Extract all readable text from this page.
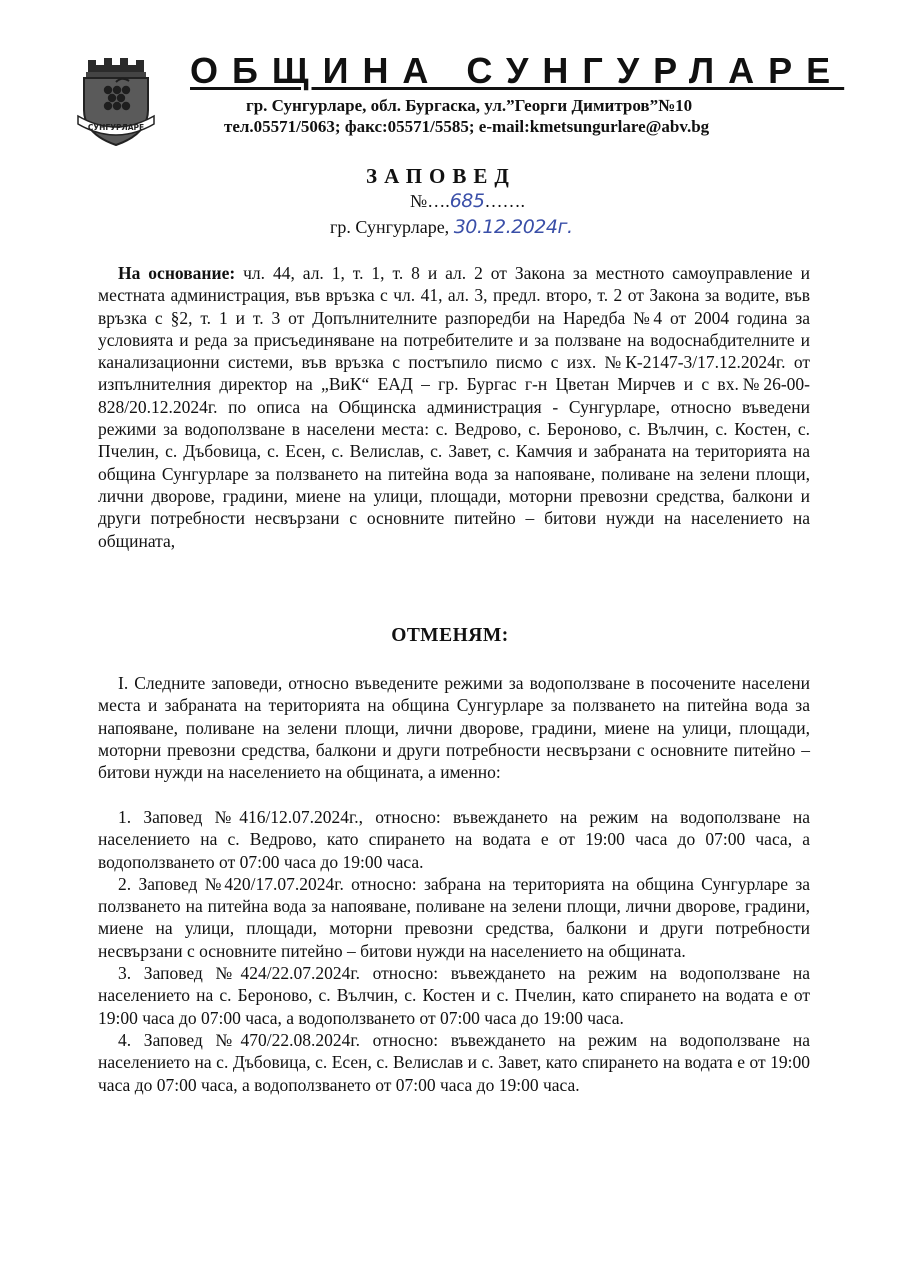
СУНГУРЛАРЕ
ОБЩИНА СУНГУРЛАРЕ
гр. Сунгурларе, обл. Бургаска, ул.”Георги Димитров”№10
тел.05571/5063; факс:05571/5585; e-mail:kmetsungurlare@abv.bg
ЗАПОВЕД
№….685…….
гр. Сунгурларе, 30.12.2024г.
На основание: чл. 44, ал. 1, т. 1, т. 8 и ал. 2 от Закона за местното самоуправление и местната администрация, във връзка с чл. 41, ал. 3, предл. второ, т. 2 от Закона за водите, във връзка с §2, т. 1 и т. 3 от Допълнителните разпоредби на Наредба №4 от 2004 година за условията и реда за присъединяване на потребителите и за ползване на водоснабдителните и канализационни системи, във връзка с постъпило писмо с изх. №К-2147-3/17.12.2024г. от изпълнителния директор на „ВиК“ ЕАД – гр. Бургас г-н Цветан Мирчев и с вх.№26-00-828/20.12.2024г. по описа на Общинска администрация - Сунгурларе, относно въведени режими за водоползване в населени места: с. Ведрово, с. Бероново, с. Вълчин, с. Костен, с. Пчелин, с. Дъбовица, с. Есен, с. Велислав, с. Завет, с. Камчия и забраната на територията на община Сунгурларе за ползването на питейна вода за напояване, поливане на зелени площи, лични дворове, градини, миене на улици, площади, моторни превозни средства, балкони и други потребности несвързани с основните питейно – битови нужди на населението на общината,
ОТМЕНЯМ:
I. Следните заповеди, относно въведените режими за водоползване в посочените населени места и забраната на територията на община Сунгурларе за ползването на питейна вода за напояване, поливане на зелени площи, лични дворове, градини, миене на улици, площади, моторни превозни средства, балкони и други потребности несвързани с основните питейно – битови нужди на населението на общината, а именно:
1. Заповед №416/12.07.2024г., относно: въвеждането на режим на водоползване на населението на с. Ведрово, като спирането на водата е от 19:00 часа до 07:00 часа, а водоползването от 07:00 часа до 19:00 часа.
2. Заповед №420/17.07.2024г. относно: забрана на територията на община Сунгурларе за ползването на питейна вода за напояване, поливане на зелени площи, лични дворове, градини, миене на улици, площади, моторни превозни средства, балкони и други потребности несвързани с основните питейно – битови нужди на населението на общината.
3. Заповед №424/22.07.2024г. относно: въвеждането на режим на водоползване на населението на с. Бероново, с. Вълчин, с. Костен и с. Пчелин, като спирането на водата е от 19:00 часа до 07:00 часа, а водоползването от 07:00 часа до 19:00 часа.
4. Заповед №470/22.08.2024г. относно: въвеждането на режим на водоползване на населението на с. Дъбовица, с. Есен, с. Велислав и с. Завет, като спирането на водата е от 19:00 часа до 07:00 часа, а водоползването от 07:00 часа до 19:00 часа.
